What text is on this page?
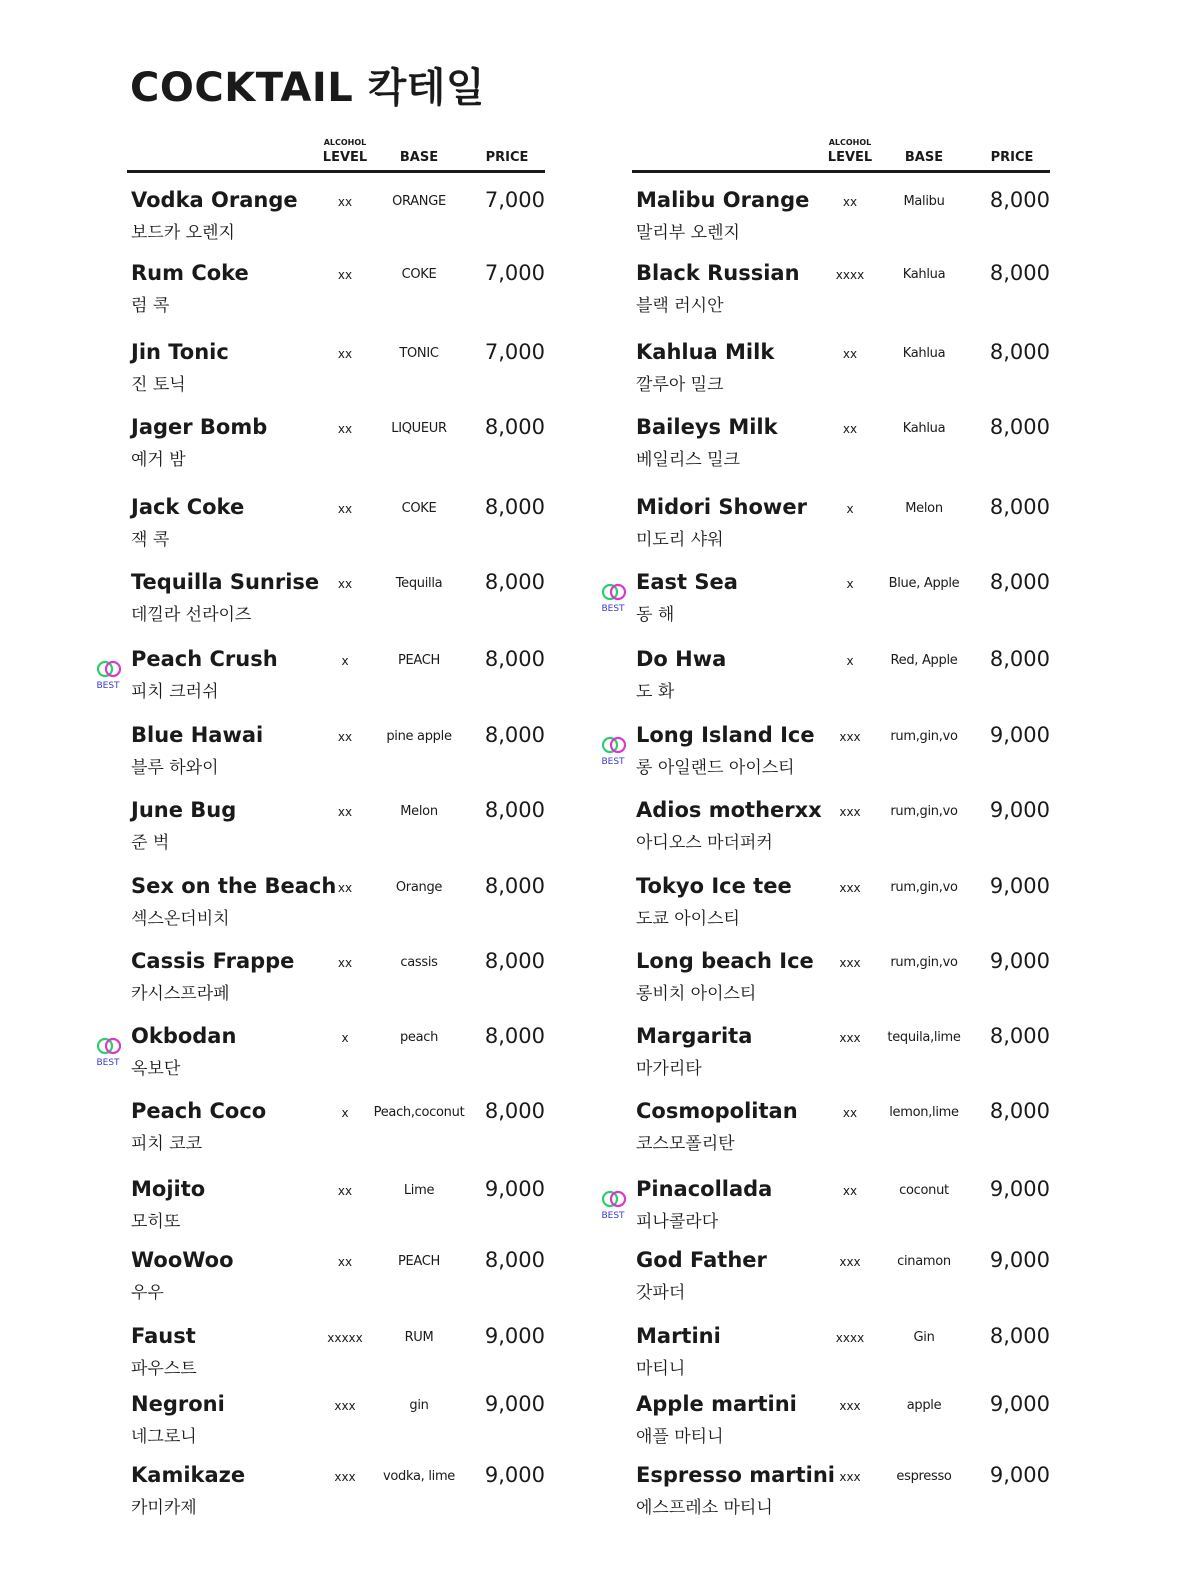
COCKTAIL 칵테일
ALCOHOL
LEVEL	BASE	PRICE
Vodka Orange
보드카 오렌지
xx	ORANGE	7,000
Rum Coke
럼 콕
xx	COKE	7,000
Jin Tonic
진 토닉
xx	TONIC	7,000
Jager Bomb
예거 밤
xx	LIQUEUR	8,000
Jack Coke
잭 콕
xx	COKE	8,000
Tequilla Sunrise
데낄라 선라이즈
xx	Tequilla	8,000
BEST
Peach Crush
피치 크러쉬
x	PEACH	8,000
Blue Hawai
블루 하와이
xx	pine apple	8,000
June Bug
준 벅
xx	Melon	8,000
Sex on the Beach
섹스온더비치
xx	Orange	8,000
Cassis Frappe
카시스프라페
xx	cassis	8,000
BEST
Okbodan
옥보단
x	peach	8,000
Peach Coco
피치 코코
x	Peach,coconut 8,000
Mojito
모히또
xx	Lime	9,000
WooWoo
우우
xx	PEACH	8,000
Faust
파우스트
xxxxx	RUM	9,000
Negroni
네그로니
xxx	gin	9,000
Kamikaze
카미카제
xxx	vodka, lime	9,000
ALCOHOL
LEVEL	BASE	PRICE
Malibu Orange
말리부 오렌지
xx	Malibu	8,000
Black Russian
블랙 러시안
xxxx	Kahlua	8,000
Kahlua Milk
깔루아 밀크
xx	Kahlua	8,000
Baileys Milk
베일리스 밀크
xx	Kahlua	8,000
Midori Shower
미도리 샤워
x	Melon	8,000
BEST
East Sea
동 해
x	Blue, Apple	8,000
Do Hwa
도 화
x	Red, Apple	8,000
BEST
Long Island Ice
롱 아일랜드 아이스티
xxx	rum,gin,vo	9,000
Adios motherxx
아디오스 마더퍼커
xxx	rum,gin,vo	9,000
Tokyo Ice tee
도쿄 아이스티
xxx	rum,gin,vo	9,000
Long beach Ice
롱비치 아이스티
xxx	rum,gin,vo	9,000
Margarita
마가리타
xxx	tequila,lime	8,000
Cosmopolitan
코스모폴리탄
xx	lemon,lime	8,000
BEST
Pinacollada
피나콜라다
xx	coconut	9,000
God Father
갓파더
xxx	cinamon	9,000
Martini
마티니
xxxx	Gin	8,000
Apple martini
애플 마티니
xxx	apple	9,000
Espresso martini
에스프레소 마티니
xxx	espresso	9,000
